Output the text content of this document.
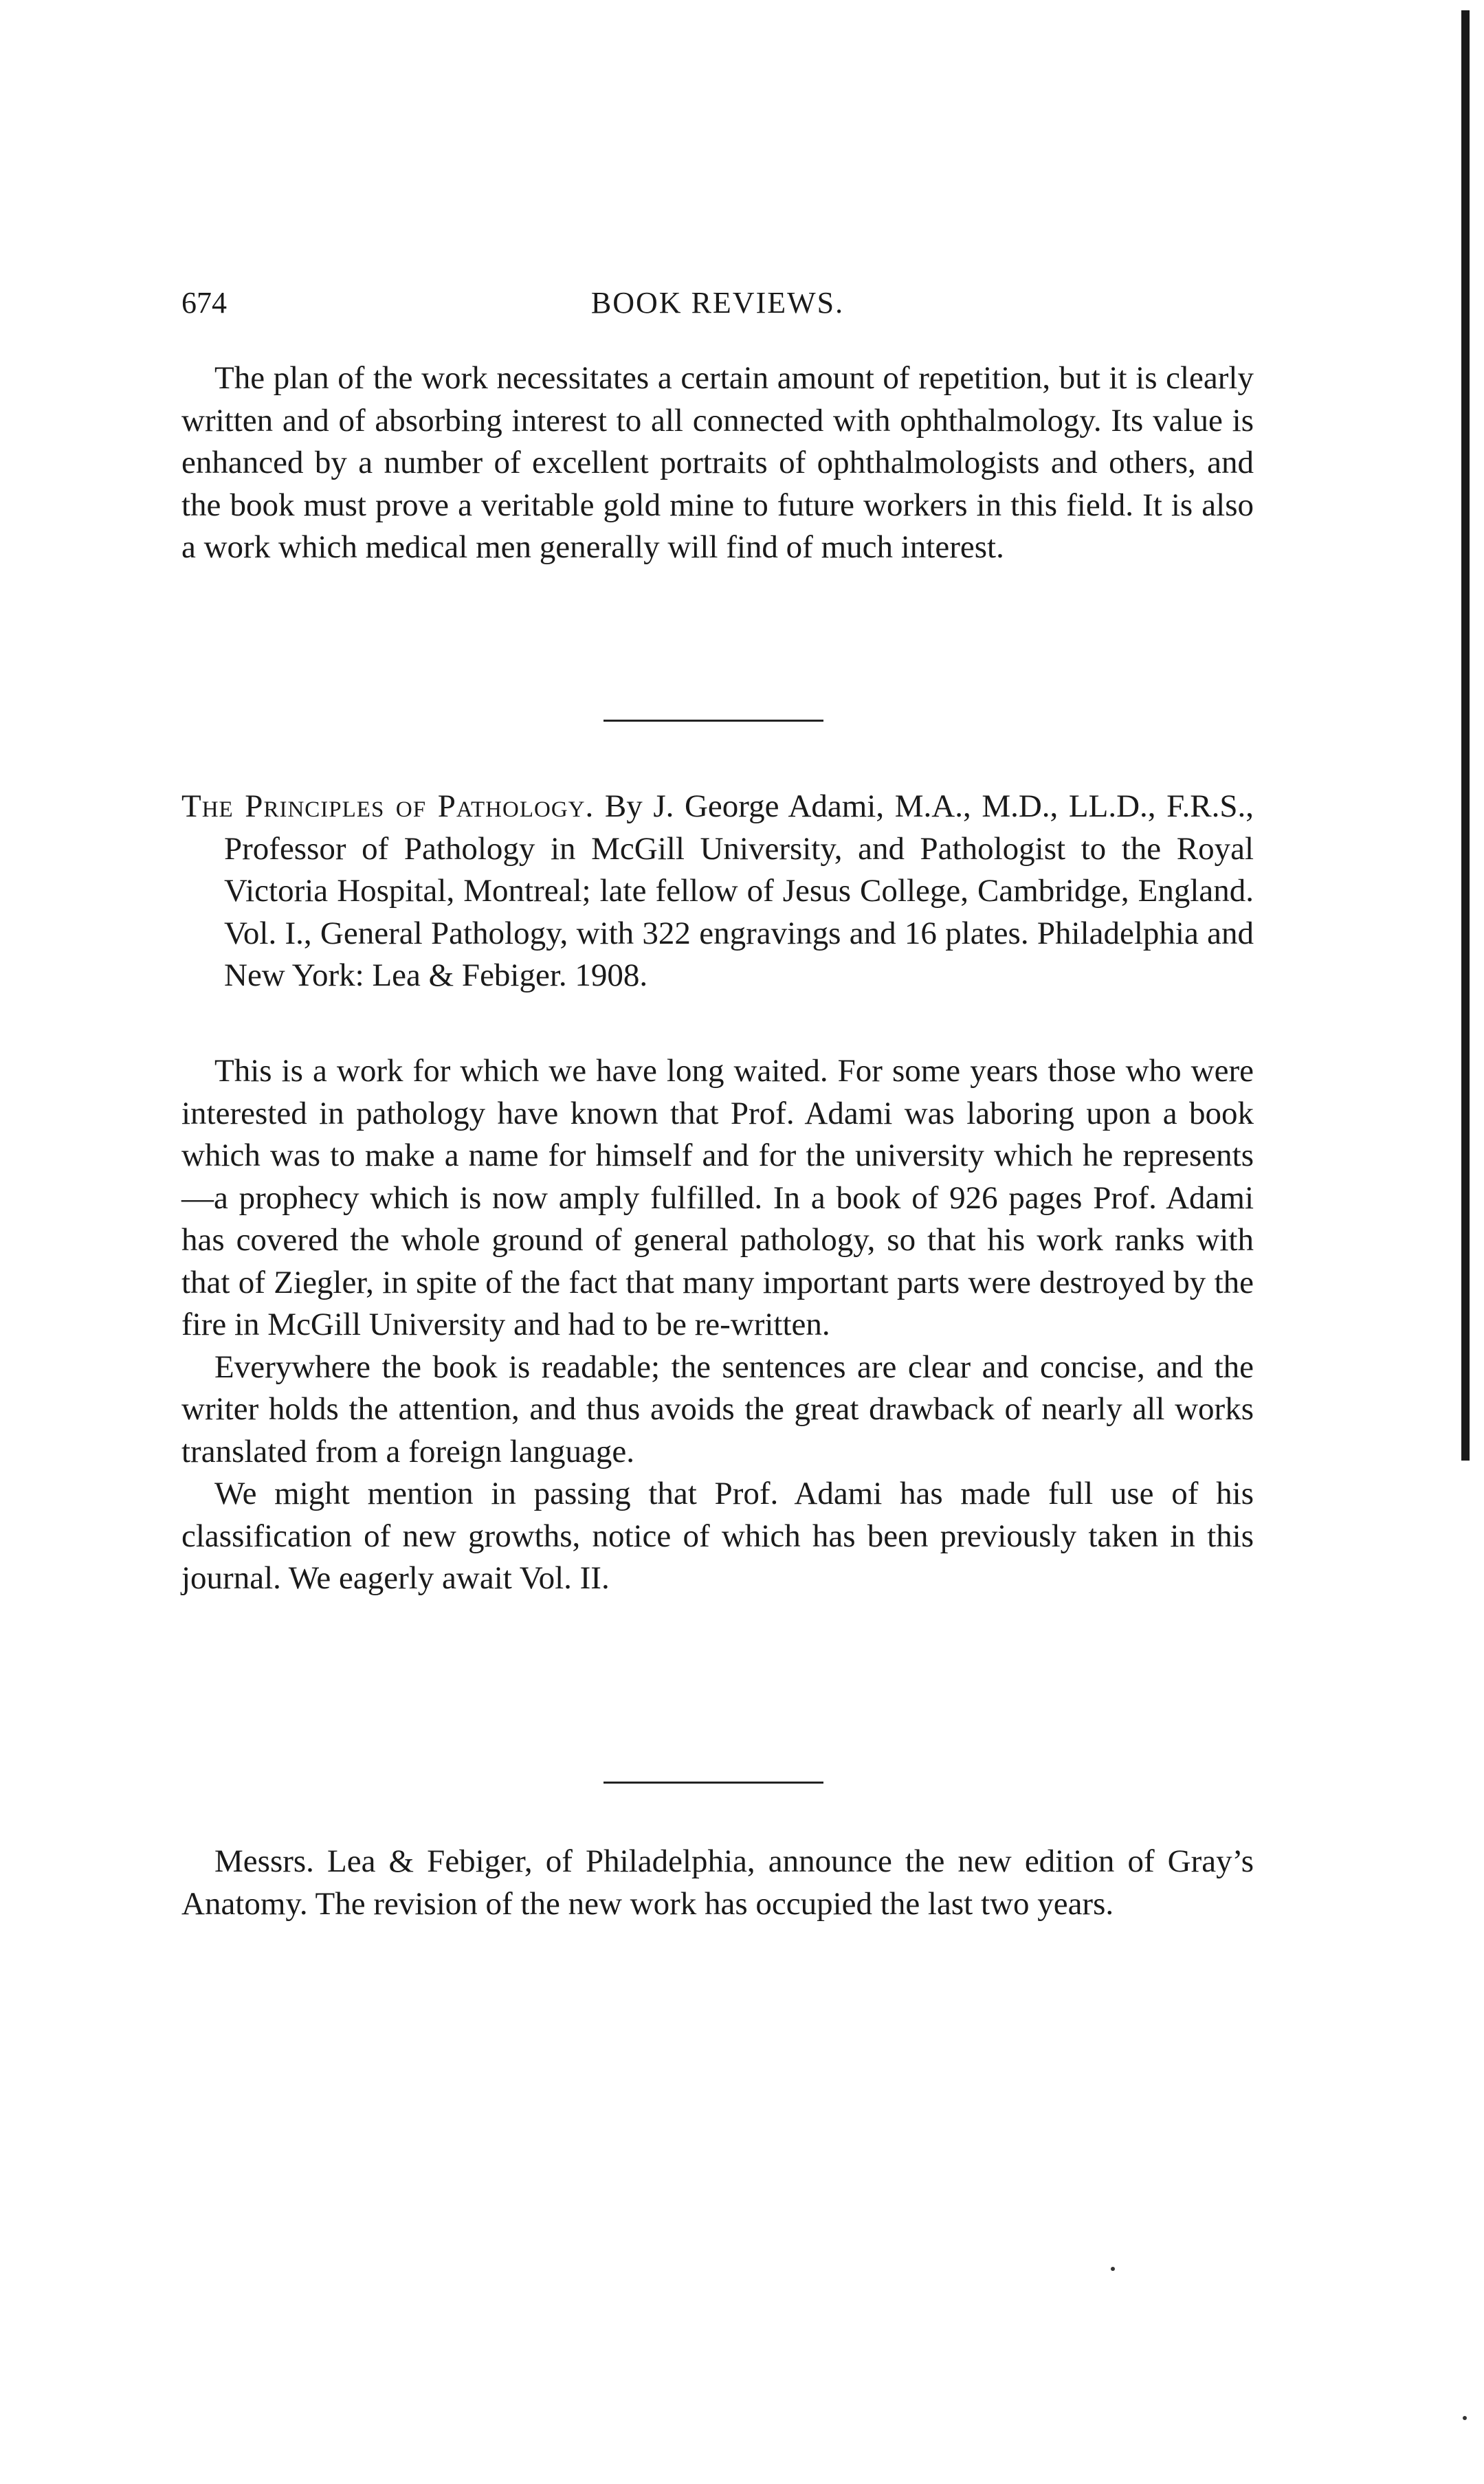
674	BOOK REVIEWS.

The plan of the work necessitates a certain amount of repetition, but it is clearly written and of absorbing interest to all connected with ophthalmology. Its value is enhanced by a number of excellent portraits of ophthalmologists and others, and the book must prove a veritable gold mine to future workers in this field. It is also a work which medical men generally will find of much interest.

The Principles of Pathology. By J. George Adami, M.A., M.D., LL.D., F.R.S., Professor of Pathology in McGill University, and Pathologist to the Royal Victoria Hospital, Montreal; late fellow of Jesus College, Cambridge, England. Vol. I., General Pathology, with 322 engravings and 16 plates. Philadelphia and New York: Lea & Febiger. 1908.

This is a work for which we have long waited. For some years those who were interested in pathology have known that Prof. Adami was laboring upon a book which was to make a name for himself and for the university which he represents—a prophecy which is now amply fulfilled. In a book of 926 pages Prof. Adami has covered the whole ground of general pathology, so that his work ranks with that of Ziegler, in spite of the fact that many important parts were destroyed by the fire in McGill University and had to be re-written.

Everywhere the book is readable; the sentences are clear and concise, and the writer holds the attention, and thus avoids the great drawback of nearly all works translated from a foreign language.

We might mention in passing that Prof. Adami has made full use of his classification of new growths, notice of which has been previously taken in this journal. We eagerly await Vol. II.

Messrs. Lea & Febiger, of Philadelphia, announce the new edition of Gray’s Anatomy. The revision of the new work has occupied the last two years.
